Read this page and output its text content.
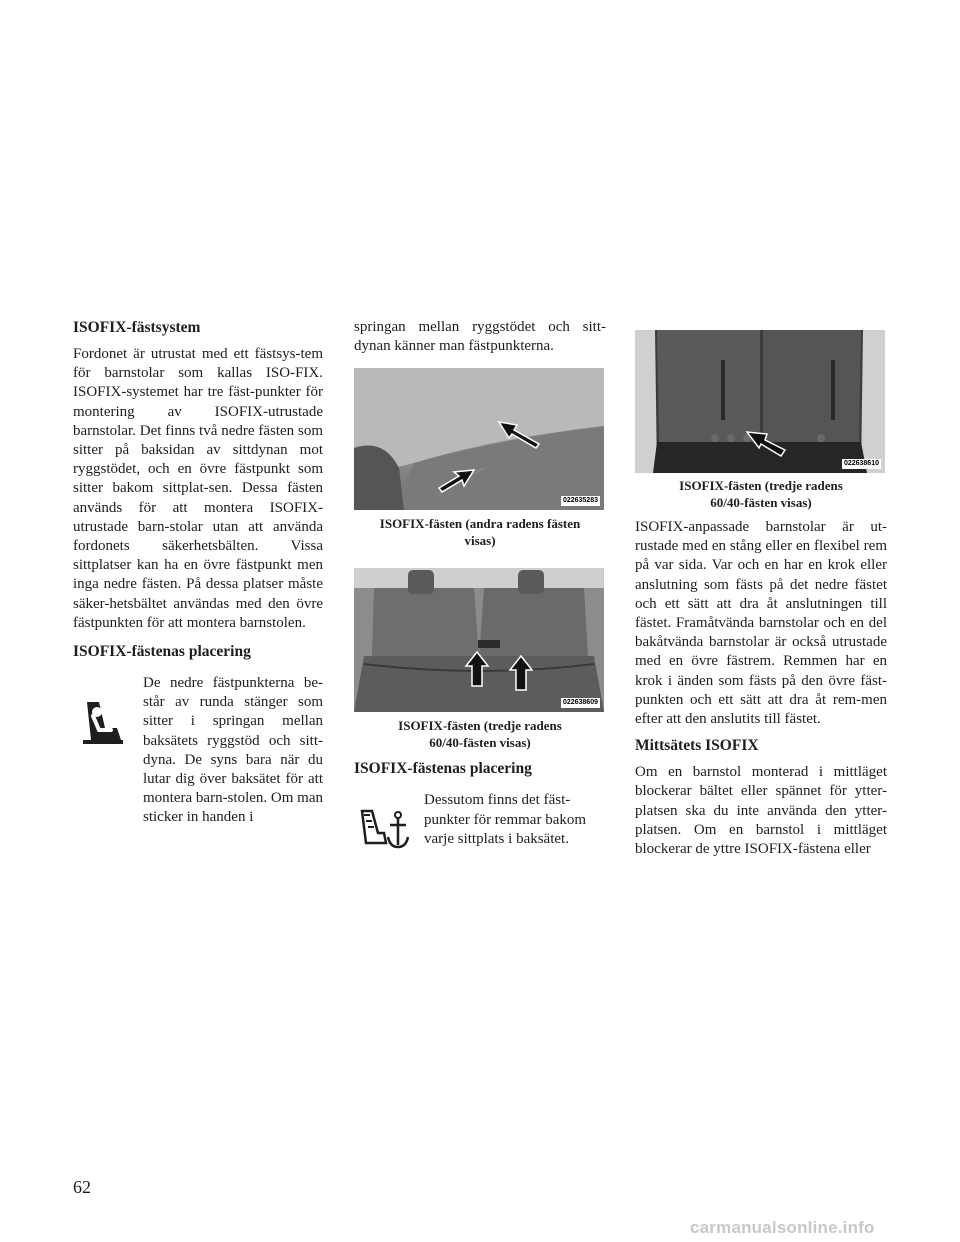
ISOFIX-fästsystem

Fordonet är utrustat med ett fästsys-tem för barnstolar som kallas ISO-FIX. ISOFIX-systemet har tre fäst-punkter för montering av ISOFIX-utrustade barnstolar. Det finns två nedre fästen som sitter på baksidan av sittdynan mot ryggstödet, och en övre fästpunkt som sitter bakom sittplat-sen. Dessa fästen används för att montera ISOFIX-utrustade barn-stolar utan att använda fordonets säkerhetsbälten. Vissa sittplatser kan ha en övre fästpunkt men inga nedre fästen. På dessa platser måste säker-hetsbältet användas med den övre fästpunkten för att montera barnstolen.

ISOFIX-fästenas placering

De nedre fästpunkterna be-står av runda stänger som sitter i springan mellan baksätets ryggstöd och sitt-dyna. De syns bara när du lutar dig över baksätet för att montera barn-stolen. Om man sticker in handen i

springan mellan ryggstödet och sitt-dynan känner man fästpunkterna.

022635283

ISOFIX-fästen (andra radens fästen visas)

022638609

ISOFIX-fästen (tredje radens 60/40-fästen visas)

ISOFIX-fästenas placering

Dessutom finns det fäst-punkter för remmar bakom varje sittplats i baksätet.

022638610

ISOFIX-fästen (tredje radens 60/40-fästen visas)

ISOFIX-anpassade barnstolar är ut-rustade med en stång eller en flexibel rem på var sida. Var och en har en krok eller anslutning som fästs på det nedre fästet och ett sätt att dra åt anslutningen till fästet. Framåtvända barnstolar och en del bakåtvända barnstolar är också utrustade med en övre fästrem. Remmen har en krok i änden som fästs på den övre fäst-punkten och ett sätt att dra åt rem-men efter att den anslutits till fästet.

Mittsätets ISOFIX

Om en barnstol monterad i mittläget blockerar bältet eller spännet för ytter-platsen ska du inte använda den ytter-platsen. Om en barnstol i mittläget blockerar de yttre ISOFIX-fästena eller

62
carmanualsonline.info
